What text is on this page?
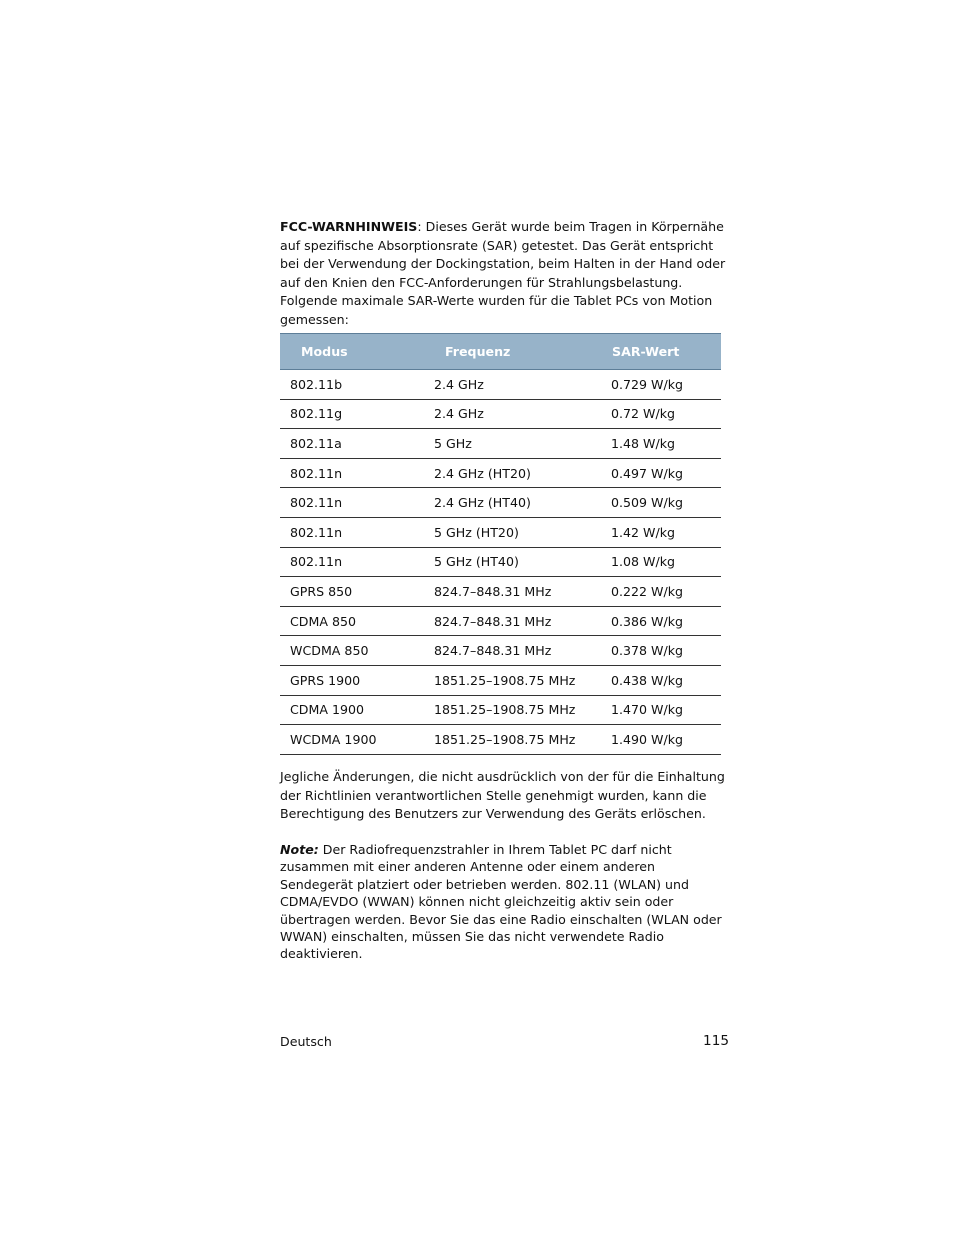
FCC-WARNHINWEIS: Dieses Gerät wurde beim Tragen in Körpernähe auf spezifische Absorptionsrate (SAR) getestet. Das Gerät entspricht bei der Verwendung der Dockingstation, beim Halten in der Hand oder auf den Knien den FCC-Anforderungen für Strahlungsbelastung. Folgende maximale SAR-Werte wurden für die Tablet PCs von Motion gemessen:

Modus	Frequenz	SAR-Wert
802.11b	2.4 GHz	0.729 W/kg
802.11g	2.4 GHz	0.72 W/kg
802.11a	5 GHz	1.48 W/kg
802.11n	2.4 GHz (HT20)	0.497 W/kg
802.11n	2.4 GHz (HT40)	0.509 W/kg
802.11n	5 GHz (HT20)	1.42 W/kg
802.11n	5 GHz (HT40)	1.08 W/kg
GPRS 850	824.7–848.31 MHz	0.222 W/kg
CDMA 850	824.7–848.31 MHz	0.386 W/kg
WCDMA 850	824.7–848.31 MHz	0.378 W/kg
GPRS 1900	1851.25–1908.75 MHz	0.438 W/kg
CDMA 1900	1851.25–1908.75 MHz	1.470 W/kg
WCDMA 1900	1851.25–1908.75 MHz	1.490 W/kg

Jegliche Änderungen, die nicht ausdrücklich von der für die Einhaltung der Richtlinien verantwortlichen Stelle genehmigt wurden, kann die Berechtigung des Benutzers zur Verwendung des Geräts erlöschen.

Note: Der Radiofrequenzstrahler in Ihrem Tablet PC darf nicht zusammen mit einer anderen Antenne oder einem anderen Sendegerät platziert oder betrieben werden. 802.11 (WLAN) und CDMA/EVDO (WWAN) können nicht gleichzeitig aktiv sein oder übertragen werden. Bevor Sie das eine Radio einschalten (WLAN oder WWAN) einschalten, müssen Sie das nicht verwendete Radio deaktivieren.

Deutsch	115
